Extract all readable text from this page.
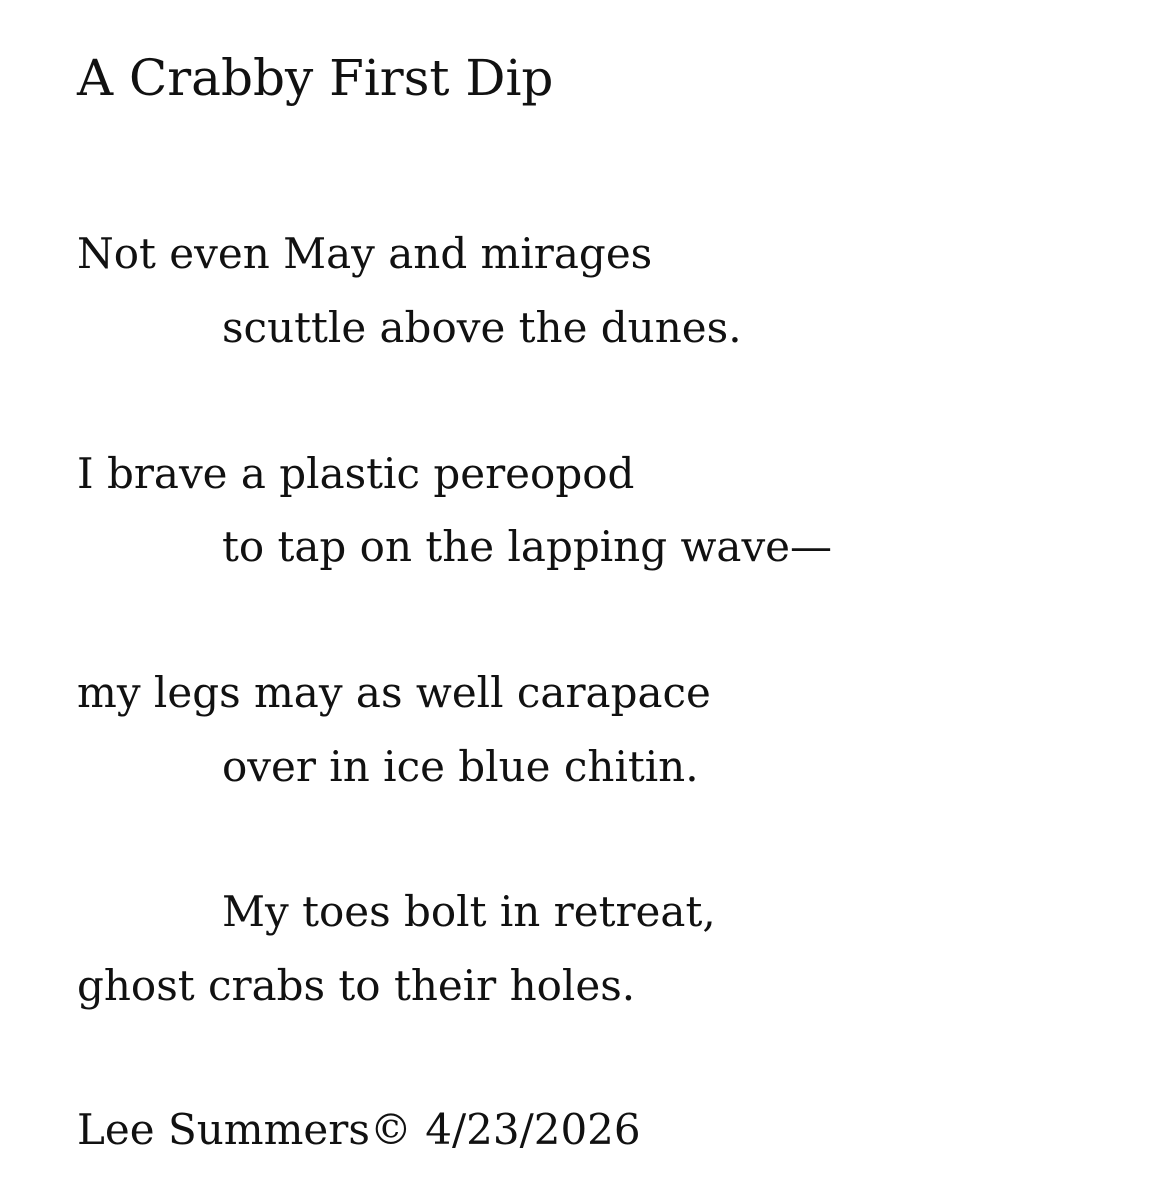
A Crabby First Dip
Not even May and mirages
scuttle above the dunes.
I brave a plastic pereopod
to tap on the lapping wave—
my legs may as well carapace
over in ice blue chitin.
My toes bolt in retreat,
ghost crabs to their holes.
Lee Summers© 4/23/2026
